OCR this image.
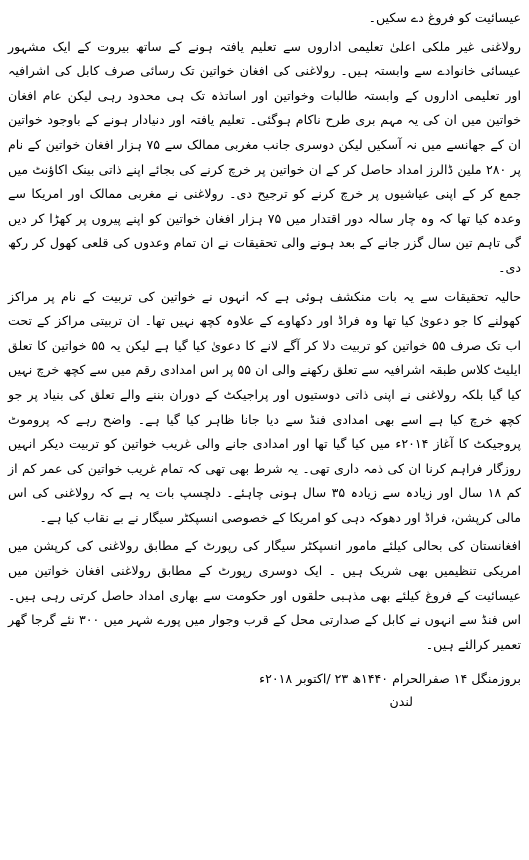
عیسائیت کو فروغ دے سکیں۔

رولاغنی غیر ملکی اعلیٰ تعلیمی اداروں سے تعلیم یافتہ ہونے کے ساتھ بیروت کے ایک مشہور عیسائی خانوادے سے وابستہ ہیں۔ رولاغنی کی افغان خواتین تک رسائی صرف کابل کی اشرافیہ اور تعلیمی اداروں کے وابستہ طالبات وخواتین اور اساتذہ تک ہی محدود رہی لیکن عام افغان خواتین میں ان کی یہ مہم بری طرح ناکام ہوگئی۔ تعلیم یافتہ اور دنیادار ہونے کے باوجود خواتین ان کے جھانسے میں نہ آسکیں لیکن دوسری جانب مغربی ممالک سے ۷۵ ہزار افغان خواتین کے نام پر ۲۸۰ ملین ڈالرز امداد حاصل کر کے ان خواتین پر خرچ کرنے کی بجائے اپنے ذاتی بینک اکاؤنٹ میں جمع کر کے اپنی عیاشیوں پر خرچ کرنے کو ترجیح دی۔ رولاغنی نے مغربی ممالک اور امریکا سے وعدہ کیا تھا کہ وہ چار سالہ دور اقتدار میں ۷۵ ہزار افغان خواتین کو اپنے پیروں پر کھڑا کر دیں گی تاہم تین سال گزر جانے کے بعد ہونے والی تحقیقات نے ان تمام وعدوں کی قلعی کھول کر رکھ دی۔

حالیہ تحقیقات سے یہ بات منکشف ہوئی ہے کہ انہوں نے خواتین کی تربیت کے نام پر مراکز کھولنے کا جو دعویٰ کیا تھا وہ فراڈ اور دکھاوے کے علاوہ کچھ نہیں تھا۔ ان تربیتی مراکز کے تحت اب تک صرف ۵۵ خواتین کو تربیت دلا کر آگے لانے کا دعویٰ کیا گیا ہے لیکن یہ ۵۵ خواتین کا تعلق ایلیٹ کلاس طبقہ اشرافیہ سے تعلق رکھنے والی ان ۵۵ پر اس امدادی رقم میں سے کچھ خرچ نہیں کیا گیا بلکہ رولاغنی نے اپنی ذاتی دوستیوں اور پراجیکٹ کے دوران بننے والے تعلق کی بنیاد پر جو کچھ خرچ کیا ہے اسے بھی امدادی فنڈ سے دیا جانا ظاہر کیا گیا ہے۔ واضح رہے کہ پروموٹ پروجیکٹ کا آغاز ۲۰۱۴ء میں کیا گیا تھا اور امدادی جانے والی غریب خواتین کو تربیت دیکر انہیں روزگار فراہم کرنا ان کی ذمہ داری تھی۔ یہ شرط بھی تھی کہ تمام غریب خواتین کی عمر کم از کم ۱۸ سال اور زیادہ سے زیادہ ۳۵ سال ہونی چاہئے۔ دلچسپ بات یہ ہے کہ رولاغنی کی اس مالی کرپشن، فراڈ اور دھوکہ دہی کو امریکا کے خصوصی انسپکٹر سیگار نے بے نقاب کیا ہے۔

افغانستان کی بحالی کیلئے مامور انسپکٹر سیگار کی رپورٹ کے مطابق رولاغنی کی کرپشن میں امریکی تنظیمیں بھی شریک ہیں ۔ ایک دوسری رپورٹ کے مطابق رولاغنی افغان خواتین میں عیسائیت کے فروغ کیلئے بھی مذہبی حلقوں اور حکومت سے بھاری امداد حاصل کرتی رہی ہیں۔ اس فنڈ سے انہوں نے کابل کے صدارتی محل کے قرب وجوار میں پورے شہر میں ۳۰۰ نئے گرجا گھر تعمیر کرالئے ہیں۔

بروزمنگل ۱۴ صفرالحرام ۱۴۴۰ھ ۲۳ /اکتوبر ۲۰۱۸ء
لندن
